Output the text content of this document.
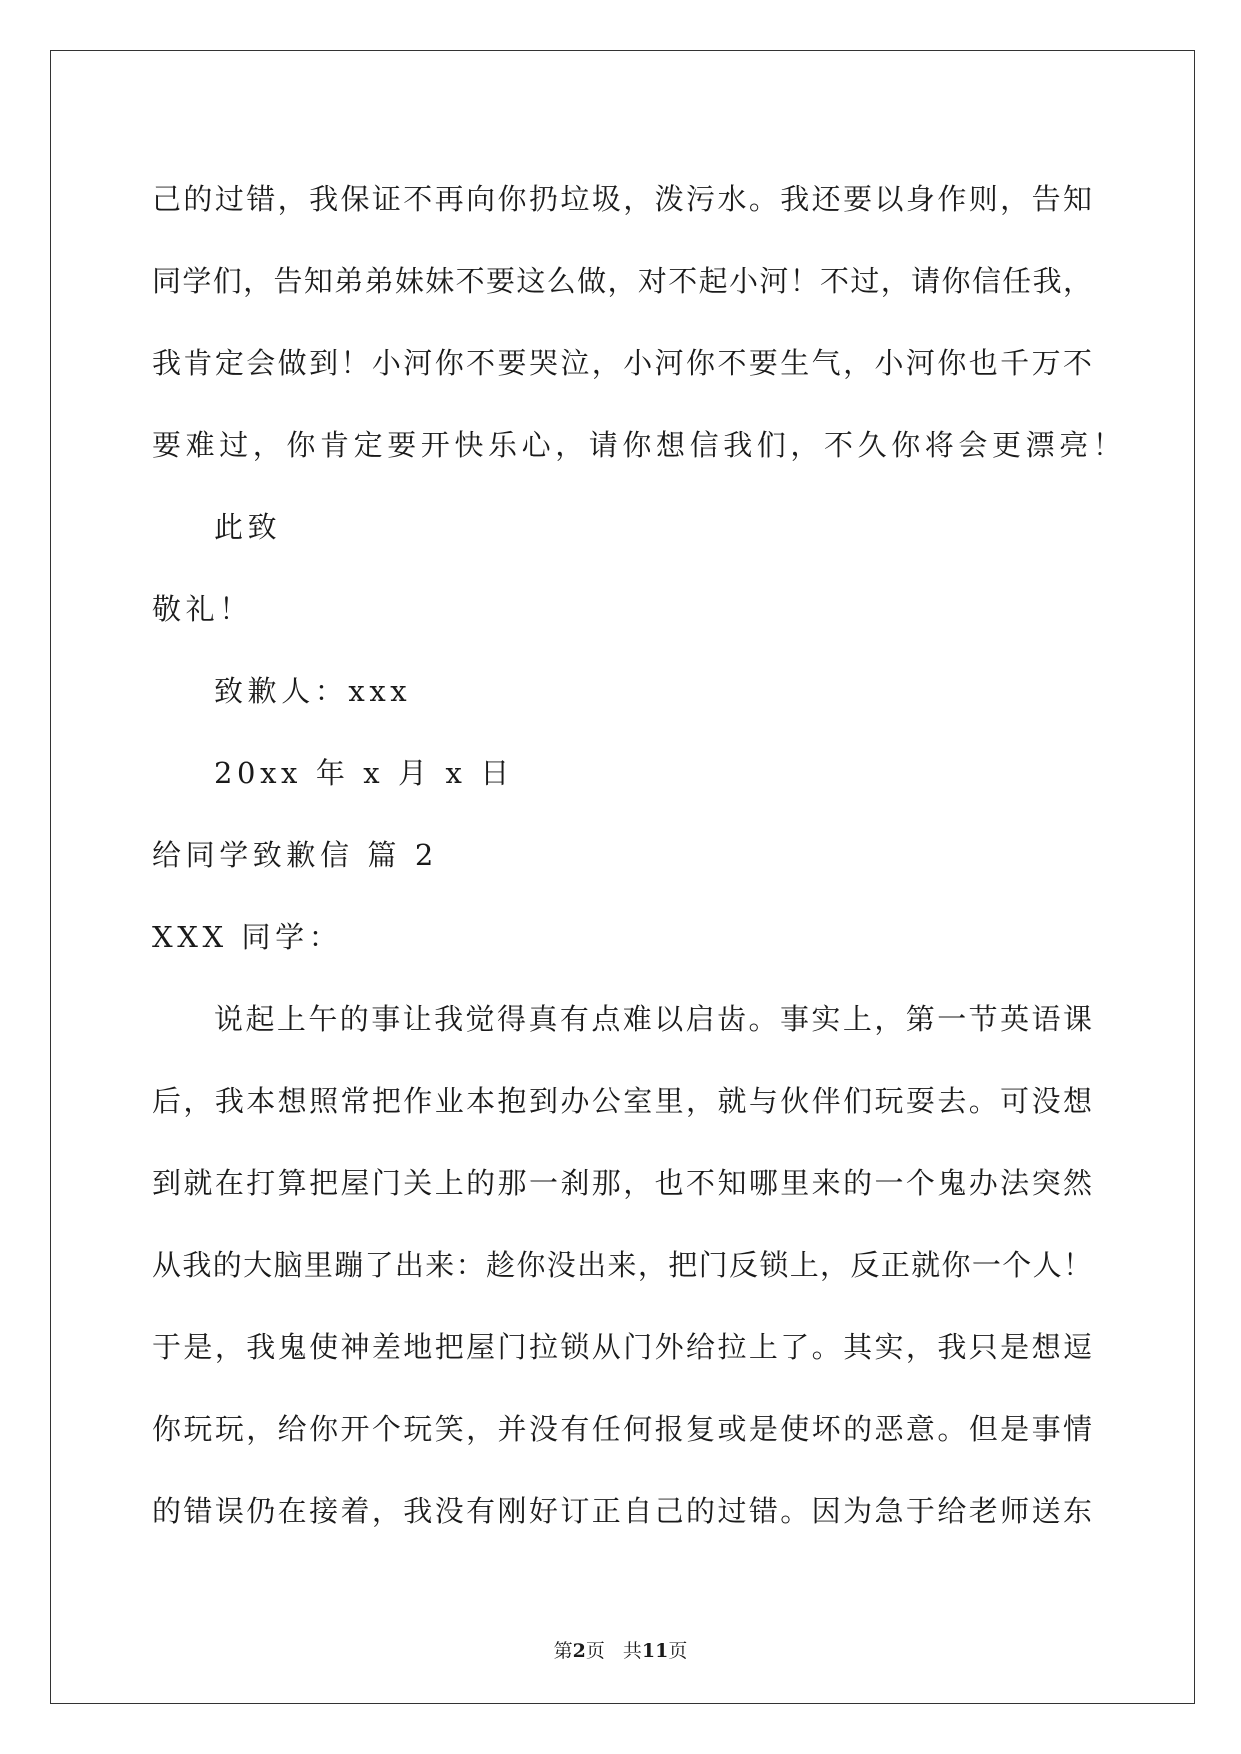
己的过错，我保证不再向你扔垃圾，泼污水。我还要以身作则，告知
同学们，告知弟弟妹妹不要这么做，对不起小河！不过，请你信任我，
我肯定会做到！小河你不要哭泣，小河你不要生气，小河你也千万不
要难过，你肯定要开快乐心，请你想信我们，不久你将会更漂亮！
此致
敬礼！
致歉人：xxx
20xx 年 x 月 x 日
给同学致歉信 篇 2
XXX 同学：
说起上午的事让我觉得真有点难以启齿。事实上，第一节英语课
后，我本想照常把作业本抱到办公室里，就与伙伴们玩耍去。可没想
到就在打算把屋门关上的那一刹那，也不知哪里来的一个鬼办法突然
从我的大脑里蹦了出来：趁你没出来，把门反锁上，反正就你一个人！
于是，我鬼使神差地把屋门拉锁从门外给拉上了。其实，我只是想逗
你玩玩，给你开个玩笑，并没有任何报复或是使坏的恶意。但是事情
的错误仍在接着，我没有刚好订正自己的过错。因为急于给老师送东
第2页 共11页
